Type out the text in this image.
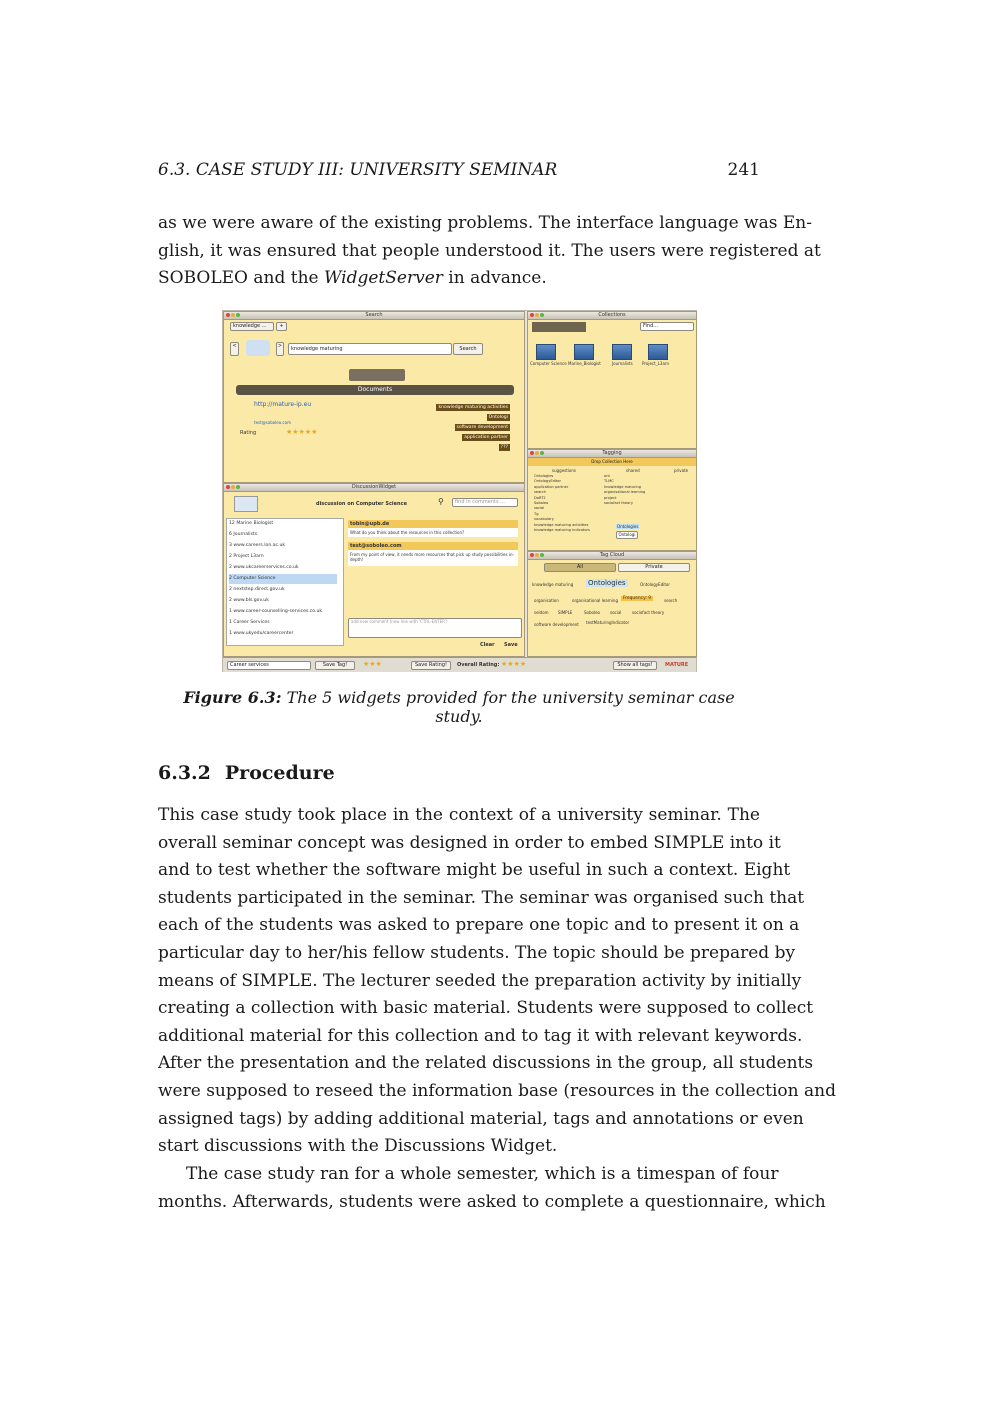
6.3. CASE STUDY III: UNIVERSITY SEMINAR	241

as we were aware of the existing problems. The interface language was En-
glish, it was ensured that people understood it. The users were registered at
SOBOLEO and the WidgetServer in advance.

Search
knowledge ...	+
<	>	knowledge maturing	Search
Documents
http://mature-ip.eu
test@soboleo.com
Rating	★★★★★
knowledge maturing activities
Ontologi
software development
application partner
???
Collections
Find...
Computer Science Marine_Biologist	Journalists Project_L3arn
Tagging
Drop Collection Here
suggestions	shared	private
Ontologies
OntologyEditor
application partner
search
DaRT2
Soboleo
social
Tg
vocabulary
knowledge maturing activities
knowledge maturing indicators
ont
TLMC
knowledge maturing
organisational learning
project
sociofact theory
Ontologies
Ontologi
Tag Cloud
All	Private
knowledge maturing Ontologies	OntologyEditor
organisation	organisational learning	Frequency: 9	search
seidom SIMPLE	Soboleo	social	sociofact theory
software development testMaturingIndicator
DiscussionWidget
discussion on Computer Science	⚲	find in comments ...
12 Marine Biologist
6 Journalists
3 www.careers.lon.ac.uk
2 Project L3arn
2 www.ukcareerservices.co.uk
2 Computer Science
2 nextstep.direct.gov.uk
2 www.bls.gov.uk
1 www.career-counselling-services.co.uk
1 Career Services
1 www.ukyedu/careercenter
tobin@upb.de
What do you think about the resources in this collection?
test@soboleo.com
From my point of view, it needs more resources that pick up study possibilities in-depth!
add new comment (new line with 'CTRL-ENTER')
Clear Save
Career services	Save Tag!	★★★	Save Rating!	Overall Rating: ★★★★	Show all tags!	MATURE
Figure 6.3: The 5 widgets provided for the university seminar case study.
6.3.2 Procedure

This case study took place in the context of a university seminar. The
overall seminar concept was designed in order to embed SIMPLE into it
and to test whether the software might be useful in such a context. Eight
students participated in the seminar. The seminar was organised such that
each of the students was asked to prepare one topic and to present it on a
particular day to her/his fellow students. The topic should be prepared by
means of SIMPLE. The lecturer seeded the preparation activity by initially
creating a collection with basic material. Students were supposed to collect
additional material for this collection and to tag it with relevant keywords.
After the presentation and the related discussions in the group, all students
were supposed to reseed the information base (resources in the collection and
assigned tags) by adding additional material, tags and annotations or even
start discussions with the Discussions Widget.

The case study ran for a whole semester, which is a timespan of four
months. Afterwards, students were asked to complete a questionnaire, which
